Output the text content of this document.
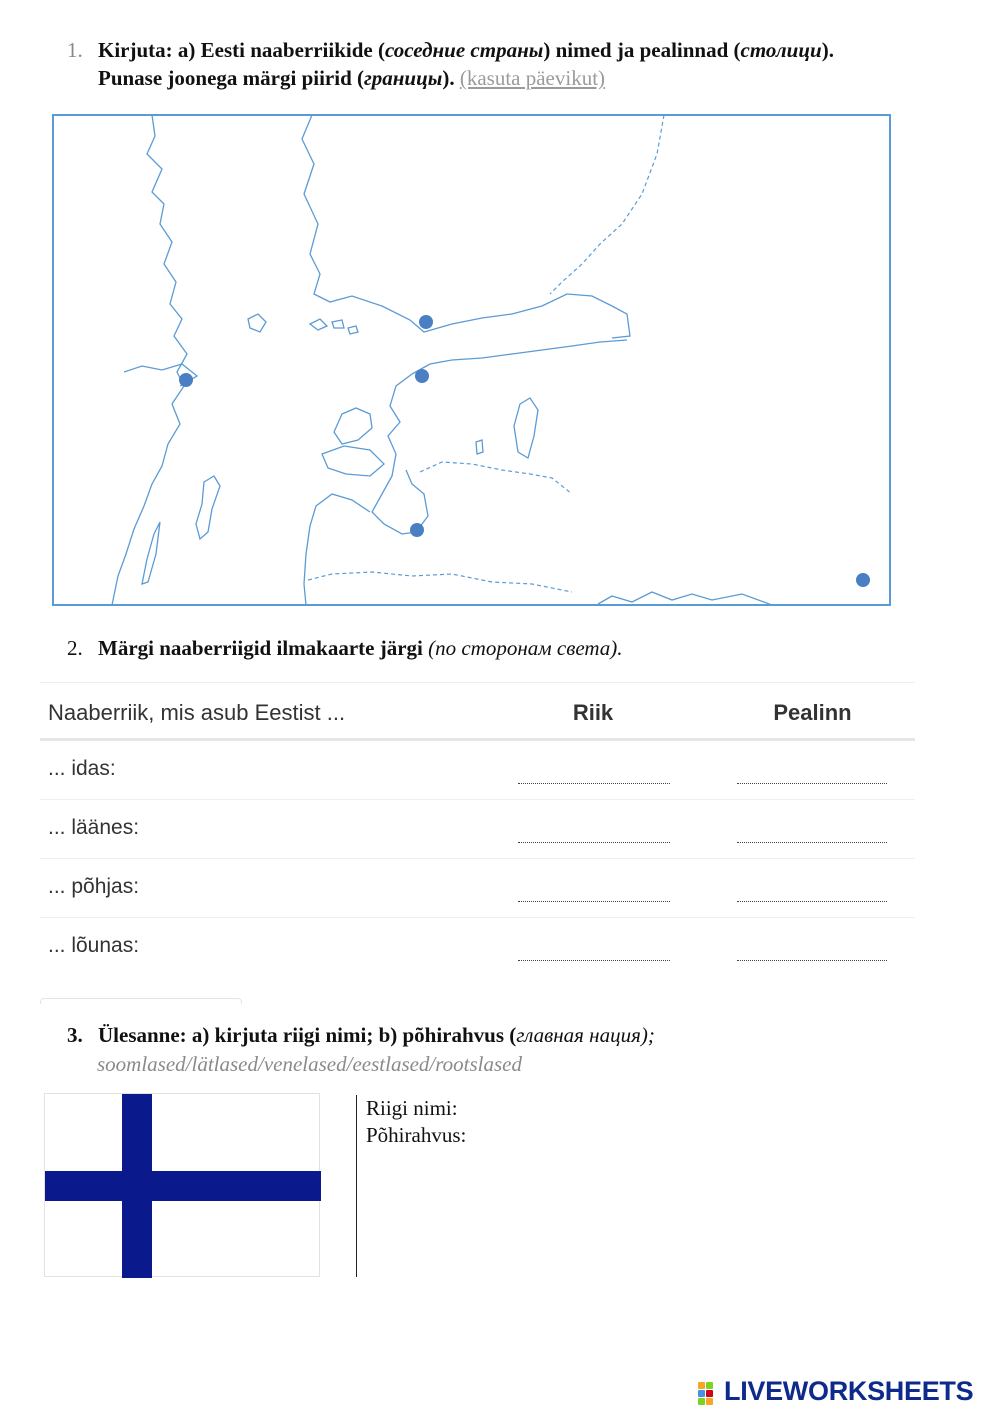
1. Kirjuta: a) Eesti naaberriikide (соседние страны) nimed ja pealinnad (столици).
Punase joonega märgi piirid (границы). (kasuta päevikut)
2. Märgi naaberriigid ilmakaarte järgi (по сторонам света).
Naaberriik, mis asub Eestist ...	Riik	Pealinn
... idas:
... läänes:
... põhjas:
... lõunas:
3. Ülesanne: a) kirjuta riigi nimi; b) põhirahvus (главная нация);
soomlased/lätlased/venelased/eestlased/rootslased
Riigi nimi:
Põhirahvus:
LIVEWORKSHEETS
